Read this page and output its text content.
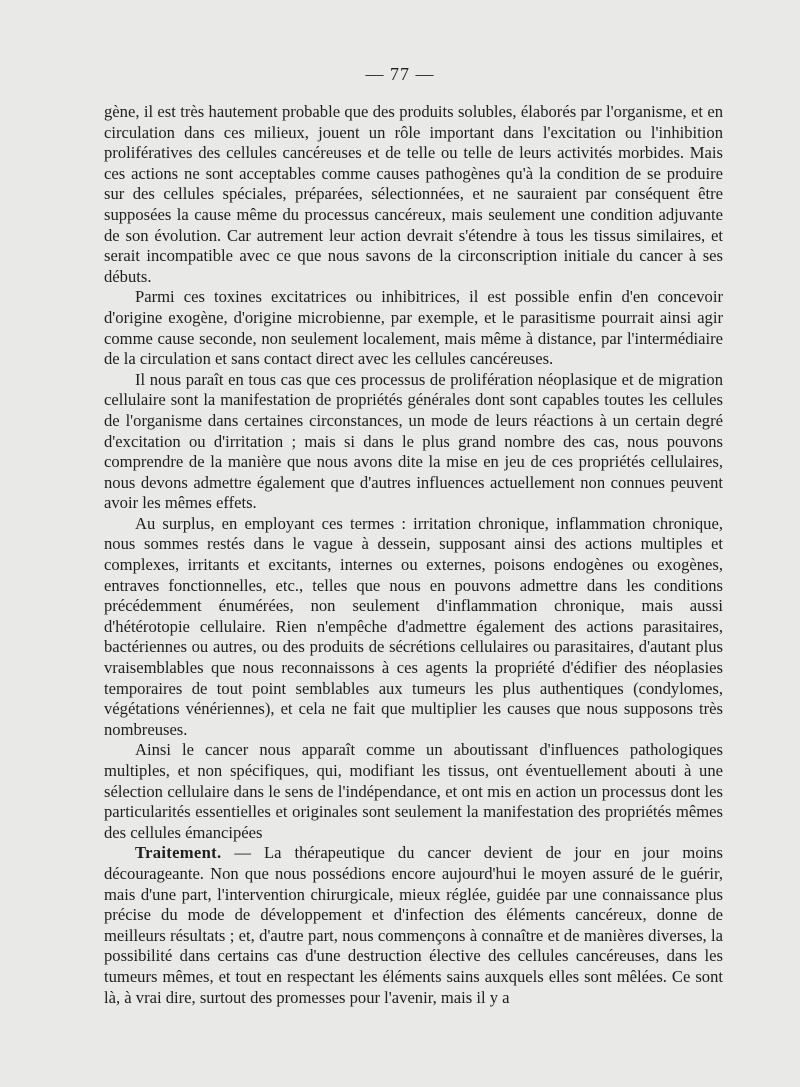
— 77 —

gène, il est très hautement probable que des produits solubles, élaborés par l'organisme, et en circulation dans ces milieux, jouent un rôle important dans l'excitation ou l'inhibition prolifératives des cellules cancéreuses et de telle ou telle de leurs activités morbides. Mais ces actions ne sont acceptables comme causes pathogènes qu'à la condition de se produire sur des cellules spéciales, préparées, sélectionnées, et ne sauraient par conséquent être supposées la cause même du processus cancéreux, mais seulement une condition adjuvante de son évolution. Car autrement leur action devrait s'étendre à tous les tissus similaires, et serait incompatible avec ce que nous savons de la circonscription initiale du cancer à ses débuts.

Parmi ces toxines excitatrices ou inhibitrices, il est possible enfin d'en concevoir d'origine exogène, d'origine microbienne, par exemple, et le parasitisme pourrait ainsi agir comme cause seconde, non seulement localement, mais même à distance, par l'intermédiaire de la circulation et sans contact direct avec les cellules cancéreuses.

Il nous paraît en tous cas que ces processus de prolifération néoplasique et de migration cellulaire sont la manifestation de propriétés générales dont sont capables toutes les cellules de l'organisme dans certaines circonstances, un mode de leurs réactions à un certain degré d'excitation ou d'irritation ; mais si dans le plus grand nombre des cas, nous pouvons comprendre de la manière que nous avons dite la mise en jeu de ces propriétés cellulaires, nous devons admettre également que d'autres influences actuellement non connues peuvent avoir les mêmes effets.

Au surplus, en employant ces termes : irritation chronique, inflammation chronique, nous sommes restés dans le vague à dessein, supposant ainsi des actions multiples et complexes, irritants et excitants, internes ou externes, poisons endogènes ou exogènes, entraves fonctionnelles, etc., telles que nous en pouvons admettre dans les conditions précédemment énumérées, non seulement d'inflammation chronique, mais aussi d'hétérotopie cellulaire. Rien n'empêche d'admettre également des actions parasitaires, bactériennes ou autres, ou des produits de sécrétions cellulaires ou parasitaires, d'autant plus vraisemblables que nous reconnaissons à ces agents la propriété d'édifier des néoplasies temporaires de tout point semblables aux tumeurs les plus authentiques (condylomes, végétations vénériennes), et cela ne fait que multiplier les causes que nous supposons très nombreuses.

Ainsi le cancer nous apparaît comme un aboutissant d'influences pathologiques multiples, et non spécifiques, qui, modifiant les tissus, ont éventuellement abouti à une sélection cellulaire dans le sens de l'indépendance, et ont mis en action un processus dont les particularités essentielles et originales sont seulement la manifestation des propriétés mêmes des cellules émancipées

Traitement. — La thérapeutique du cancer devient de jour en jour moins décourageante. Non que nous possédions encore aujourd'hui le moyen assuré de le guérir, mais d'une part, l'intervention chirurgicale, mieux réglée, guidée par une connaissance plus précise du mode de développement et d'infection des éléments cancéreux, donne de meilleurs résultats ; et, d'autre part, nous commençons à connaître et de manières diverses, la possibilité dans certains cas d'une destruction élective des cellules cancéreuses, dans les tumeurs mêmes, et tout en respectant les éléments sains auxquels elles sont mêlées. Ce sont là, à vrai dire, surtout des promesses pour l'avenir, mais il y a
